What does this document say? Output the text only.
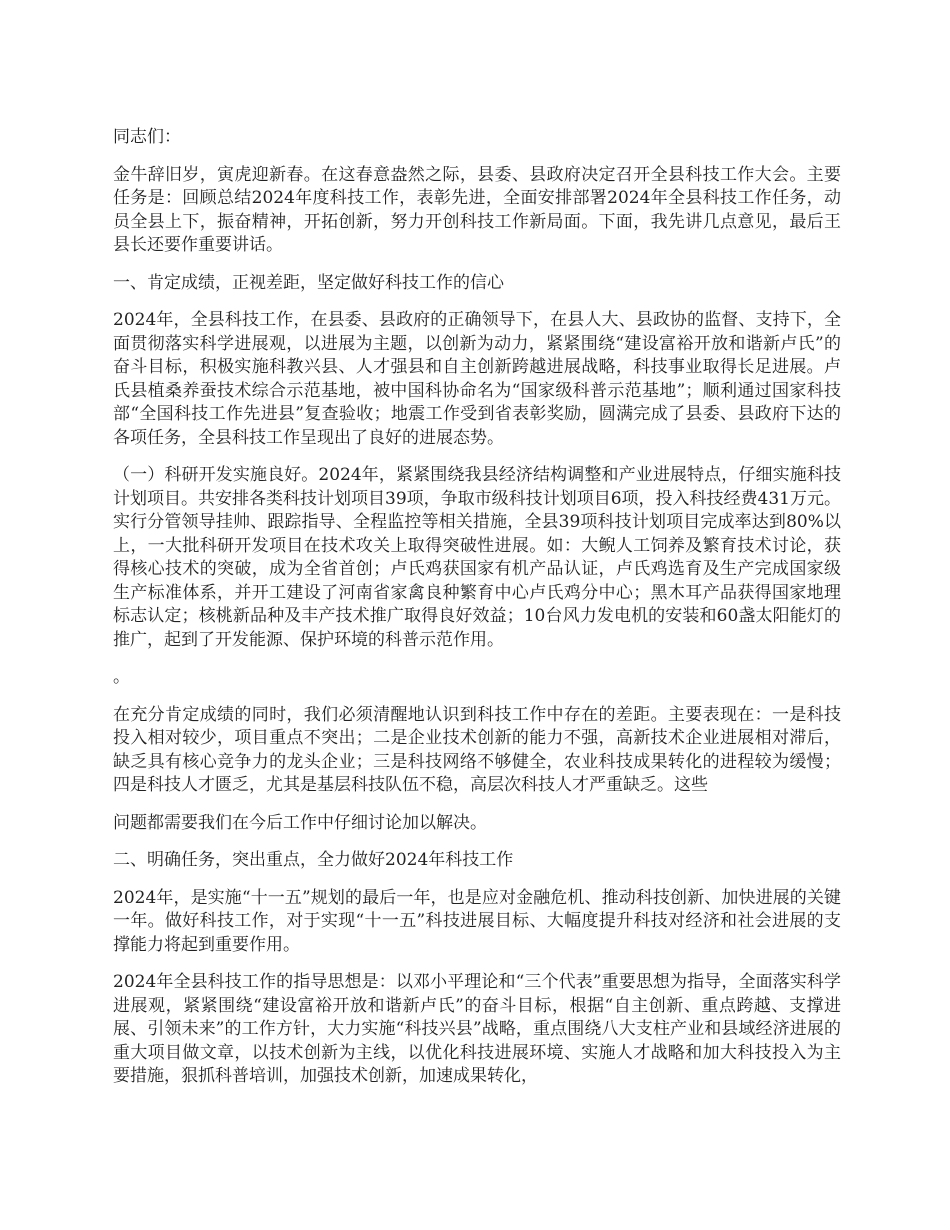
同志们：

金牛辞旧岁，寅虎迎新春。在这春意盎然之际，县委、县政府决定召开全县科技工作大会。主要任务是：回顾总结2024年度科技工作，表彰先进，全面安排部署2024年全县科技工作任务，动员全县上下，振奋精神，开拓创新，努力开创科技工作新局面。下面，我先讲几点意见，最后王县长还要作重要讲话。

一、肯定成绩，正视差距，坚定做好科技工作的信心

2024年，全县科技工作，在县委、县政府的正确领导下，在县人大、县政协的监督、支持下，全面贯彻落实科学进展观，以进展为主题，以创新为动力，紧紧围绕“建设富裕开放和谐新卢氏”的奋斗目标，积极实施科教兴县、人才强县和自主创新跨越进展战略，科技事业取得长足进展。卢氏县植桑养蚕技术综合示范基地，被中国科协命名为“国家级科普示范基地”；顺利通过国家科技部“全国科技工作先进县”复查验收；地震工作受到省表彰奖励，圆满完成了县委、县政府下达的各项任务，全县科技工作呈现出了良好的进展态势。

（一）科研开发实施良好。2024年，紧紧围绕我县经济结构调整和产业进展特点，仔细实施科技计划项目。共安排各类科技计划项目39项，争取市级科技计划项目6项，投入科技经费431万元。实行分管领导挂帅、跟踪指导、全程监控等相关措施，全县39项科技计划项目完成率达到80%以上，一大批科研开发项目在技术攻关上取得突破性进展。如：大鲵人工饲养及繁育技术讨论，获得核心技术的突破，成为全省首创；卢氏鸡获国家有机产品认证，卢氏鸡选育及生产完成国家级生产标准体系，并开工建设了河南省家禽良种繁育中心卢氏鸡分中心；黑木耳产品获得国家地理标志认定；核桃新品种及丰产技术推广取得良好效益；10台风力发电机的安装和60盏太阳能灯的推广，起到了开发能源、保护环境的科普示范作用。

。

在充分肯定成绩的同时，我们必须清醒地认识到科技工作中存在的差距。主要表现在：一是科技投入相对较少，项目重点不突出；二是企业技术创新的能力不强，高新技术企业进展相对滞后，缺乏具有核心竞争力的龙头企业；三是科技网络不够健全，农业科技成果转化的进程较为缓慢；四是科技人才匮乏，尤其是基层科技队伍不稳，高层次科技人才严重缺乏。这些

问题都需要我们在今后工作中仔细讨论加以解决。

二、明确任务，突出重点，全力做好2024年科技工作

2024年，是实施“十一五”规划的最后一年，也是应对金融危机、推动科技创新、加快进展的关键一年。做好科技工作，对于实现“十一五”科技进展目标、大幅度提升科技对经济和社会进展的支撑能力将起到重要作用。

2024年全县科技工作的指导思想是：以邓小平理论和“三个代表”重要思想为指导，全面落实科学进展观，紧紧围绕“建设富裕开放和谐新卢氏”的奋斗目标，根据“自主创新、重点跨越、支撑进展、引领未来”的工作方针，大力实施“科技兴县”战略，重点围绕八大支柱产业和县域经济进展的重大项目做文章，以技术创新为主线，以优化科技进展环境、实施人才战略和加大科技投入为主要措施，狠抓科普培训，加强技术创新，加速成果转化，
